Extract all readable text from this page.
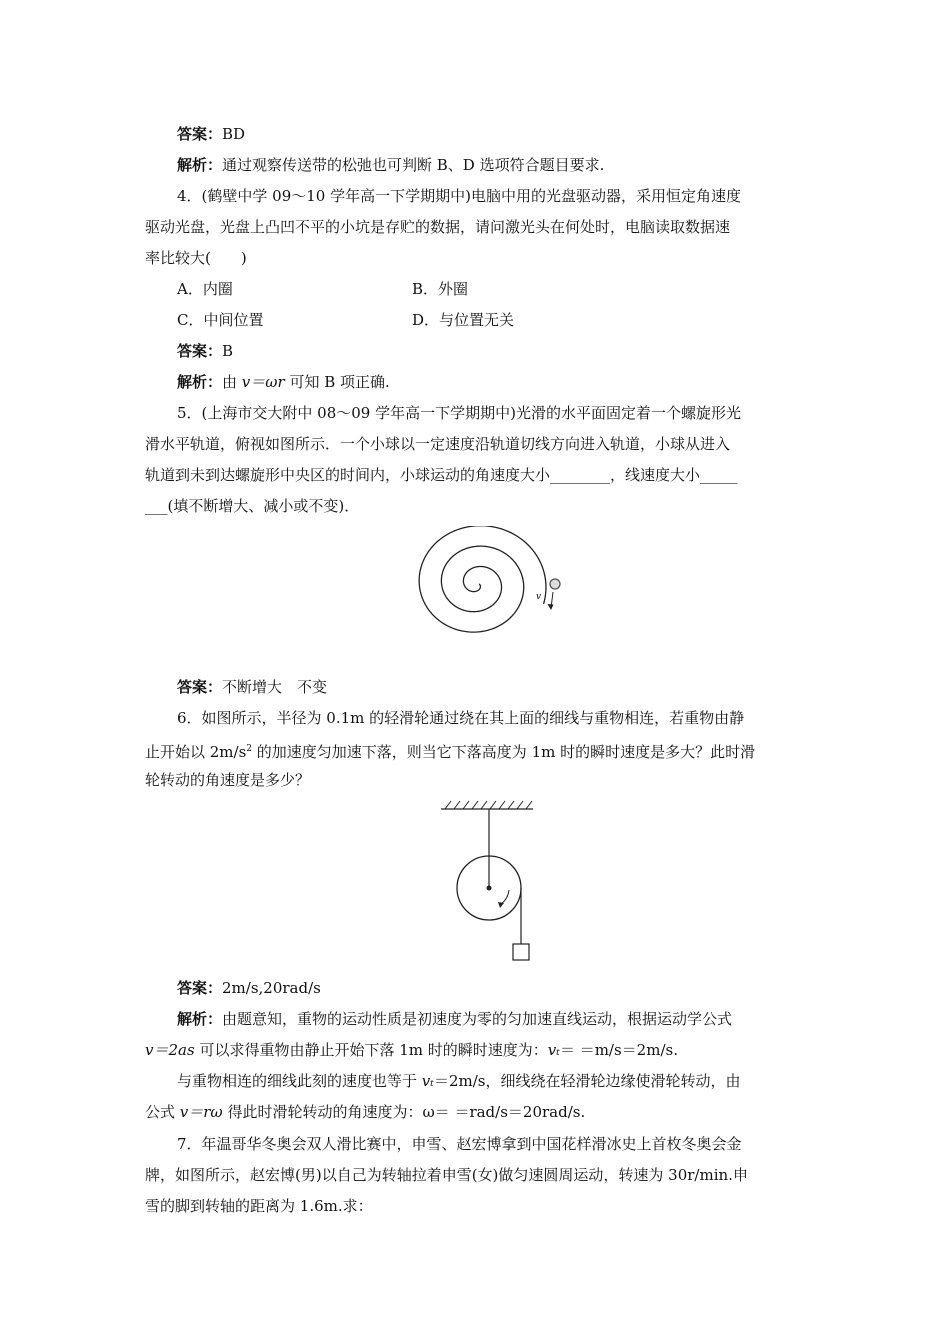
答案：BD
解析：通过观察传送带的松弛也可判断 B、D 选项符合题目要求.
4．(鹤壁中学 09～10 学年高一下学期期中)电脑中用的光盘驱动器，采用恒定角速度
驱动光盘，光盘上凸凹不平的小坑是存贮的数据，请问激光头在何处时，电脑读取数据速
率比较大(　　)
A．内圈	B．外圈
C．中间位置	D．与位置无关
答案：B
解析：由 v＝ωr 可知 B 项正确.
5．(上海市交大附中 08～09 学年高一下学期期中)光滑的水平面固定着一个螺旋形光
滑水平轨道，俯视如图所示．一个小球以一定速度沿轨道切线方向进入轨道，小球从进入
轨道到未到达螺旋形中央区的时间内，小球运动的角速度大小________，线速度大小_____
___(填不断增大、减小或不变)．
v
答案：不断增大　不变
6．如图所示，半径为 0.1m 的轻滑轮通过绕在其上面的细线与重物相连，若重物由静
止开始以 $2m/s^2$ 的加速度匀加速下落，则当它下落高度为 1m 时的瞬时速度是多大？此时滑
轮转动的角速度是多少？
答案：2m/s,20rad/s
解析：由题意知，重物的运动性质是初速度为零的匀加速直线运动，根据运动学公式
v＝2as 可以求得重物由静止开始下落 1m 时的瞬时速度为：vₜ＝ ＝m/s＝2m/s.
与重物相连的细线此刻的速度也等于 vₜ＝2m/s，细线绕在轻滑轮边缘使滑轮转动，由
公式 v＝rω 得此时滑轮转动的角速度为：ω＝ ＝rad/s＝20rad/s.
7．年温哥华冬奥会双人滑比赛中，申雪、赵宏博拿到中国花样滑冰史上首枚冬奥会金
牌，如图所示，赵宏博(男)以自己为转轴拉着申雪(女)做匀速圆周运动，转速为 30r/min.申
雪的脚到转轴的距离为 1.6m.求：
